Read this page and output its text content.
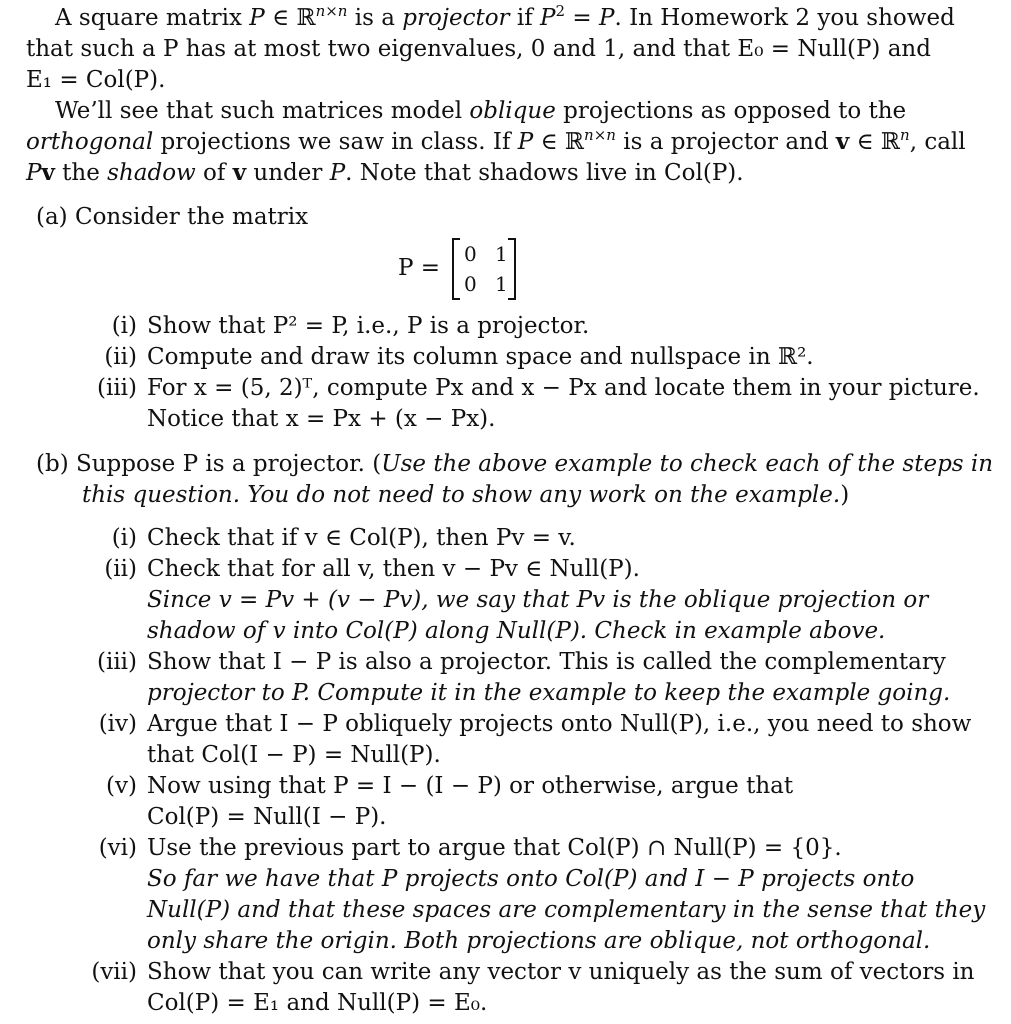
A square matrix P ∈ ℝ$^{n\times n}$ is a projector if $P^2 = P$. In Homework 2 you showed
that such a P has at most two eigenvalues, 0 and 1, and that E₀ = Null(P) and
E₁ = Col(P).
We’ll see that such matrices model oblique projections as opposed to the
orthogonal projections we saw in class. If P ∈ ℝ$^{n\times n}$ is a projector and v ∈ ℝ$^n$, call
Pv the shadow of v under P. Note that shadows live in Col(P).
(a) Consider the matrix
P =
0 1
0 1
(i) Show that P² = P, i.e., P is a projector.
(ii) Compute and draw its column space and nullspace in ℝ².
(iii) For x = (5, 2)ᵀ, compute Px and x − Px and locate them in your picture.
Notice that x = Px + (x − Px).
(b) Suppose P is a projector. (Use the above example to check each of the steps in
this question. You do not need to show any work on the example.)
(i) Check that if v ∈ Col(P), then Pv = v.
(ii) Check that for all v, then v − Pv ∈ Null(P).
Since v = Pv + (v − Pv), we say that Pv is the oblique projection or
shadow of v into Col(P) along Null(P). Check in example above.
(iii) Show that I − P is also a projector. This is called the complementary
projector to P. Compute it in the example to keep the example going.
(iv) Argue that I − P obliquely projects onto Null(P), i.e., you need to show
that Col(I − P) = Null(P).
(v) Now using that P = I − (I − P) or otherwise, argue that
Col(P) = Null(I − P).
(vi) Use the previous part to argue that Col(P) ∩ Null(P) = {0}.
So far we have that P projects onto Col(P) and I − P projects onto
Null(P) and that these spaces are complementary in the sense that they
only share the origin. Both projections are oblique, not orthogonal.
(vii) Show that you can write any vector v uniquely as the sum of vectors in
Col(P) = E₁ and Null(P) = E₀.
